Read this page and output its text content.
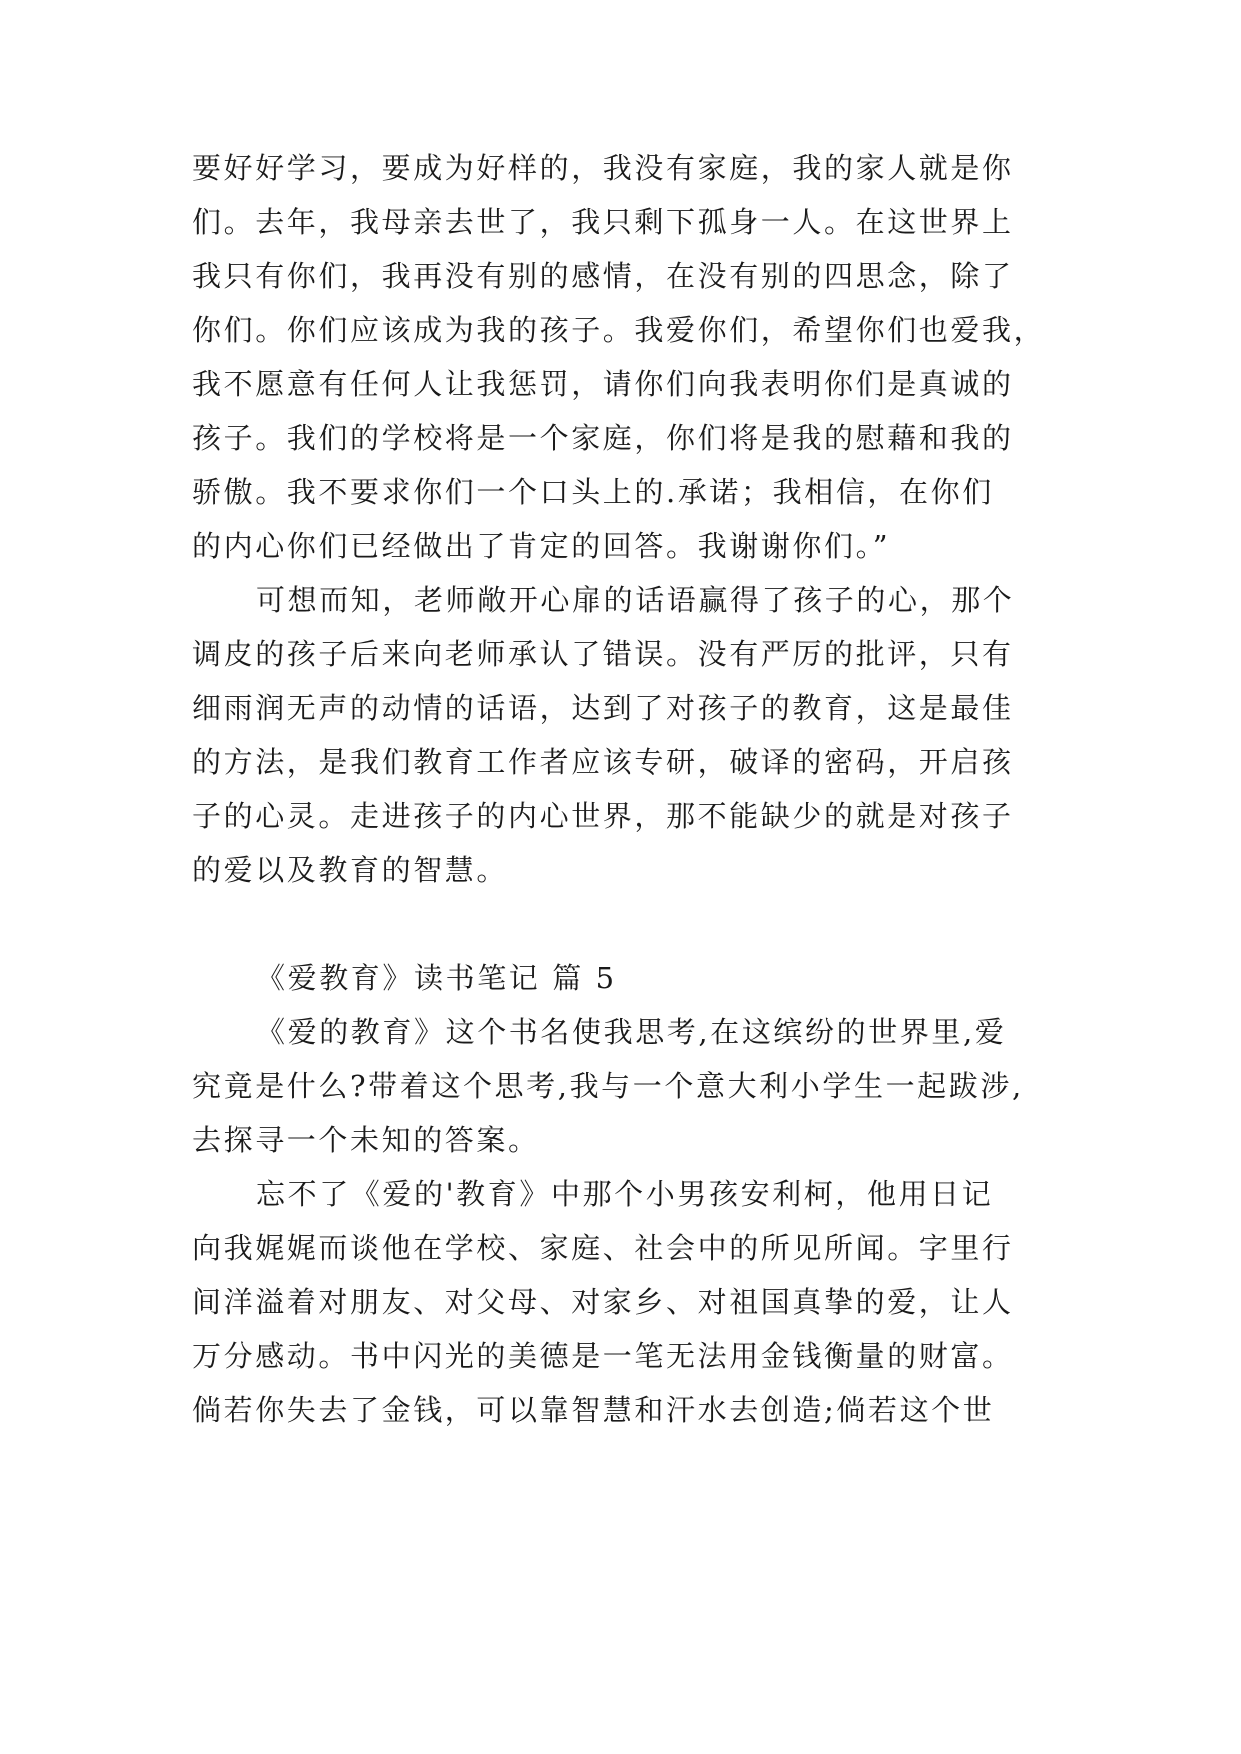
要好好学习，要成为好样的，我没有家庭，我的家人就是你
们。去年，我母亲去世了，我只剩下孤身一人。在这世界上
我只有你们，我再没有别的感情，在没有别的四思念，除了
你们。你们应该成为我的孩子。我爱你们，希望你们也爱我，
我不愿意有任何人让我惩罚，请你们向我表明你们是真诚的
孩子。我们的学校将是一个家庭，你们将是我的慰藉和我的
骄傲。我不要求你们一个口头上的.承诺；我相信，在你们
的内心你们已经做出了肯定的回答。我谢谢你们。”
可想而知，老师敞开心扉的话语赢得了孩子的心，那个
调皮的孩子后来向老师承认了错误。没有严厉的批评，只有
细雨润无声的动情的话语，达到了对孩子的教育，这是最佳
的方法，是我们教育工作者应该专研，破译的密码，开启孩
子的心灵。走进孩子的内心世界，那不能缺少的就是对孩子
的爱以及教育的智慧。
《爱教育》读书笔记 篇 5
《爱的教育》这个书名使我思考,在这缤纷的世界里,爱
究竟是什么?带着这个思考,我与一个意大利小学生一起跋涉,
去探寻一个未知的答案。
忘不了《爱的'教育》中那个小男孩安利柯，他用日记
向我娓娓而谈他在学校、家庭、社会中的所见所闻。字里行
间洋溢着对朋友、对父母、对家乡、对祖国真挚的爱，让人
万分感动。书中闪光的美德是一笔无法用金钱衡量的财富。
倘若你失去了金钱，可以靠智慧和汗水去创造;倘若这个世
